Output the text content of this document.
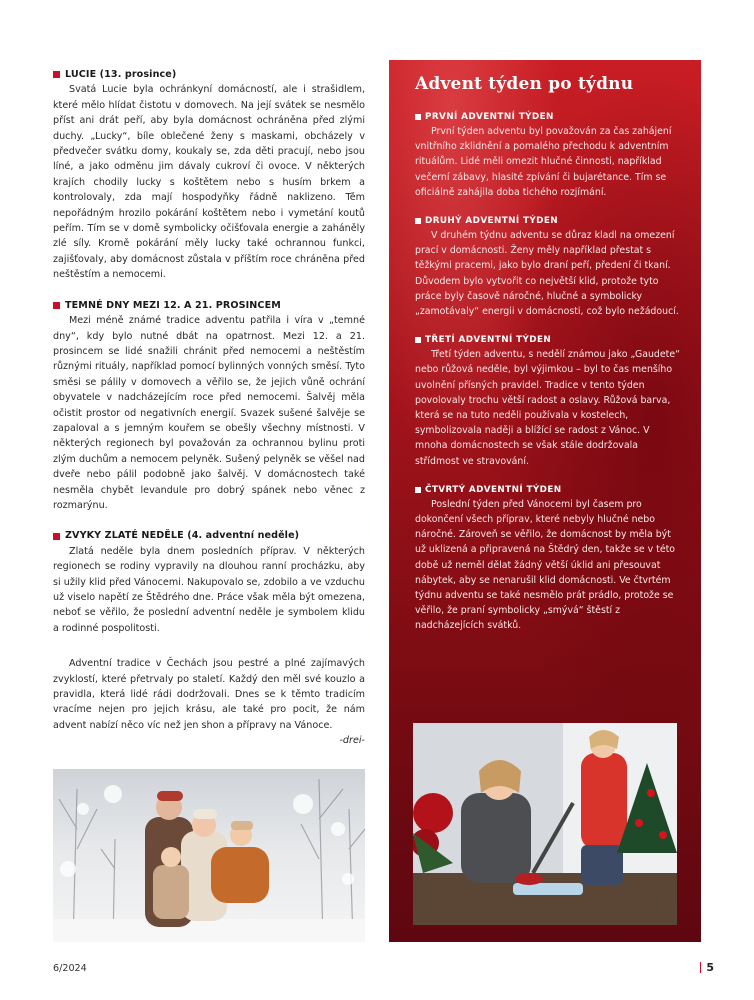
LUCIE (13. prosince)

Svatá Lucie byla ochránkyní domácností, ale i strašidlem, které mělo hlídat čistotu v domovech. Na její svátek se nesmělo příst ani drát peří, aby byla domácnost ochráněna před zlými duchy. „Lucky“, bíle oblečené ženy s maskami, obcházely v předvečer svátku domy, koukaly se, zda děti pracují, nebo jsou líné, a jako odměnu jim dávaly cukroví či ovoce. V některých krajích chodily lucky s koštětem nebo s husím brkem a kontrolovaly, zda mají hospodyňky řádně naklizeno. Těm nepořádným hrozilo pokárání koštětem nebo i vymetání koutů peřím. Tím se v domě symbolicky očišťovala energie a zaháněly zlé síly. Kromě pokárání měly lucky také ochrannou funkci, zajišťovaly, aby domácnost zůstala v příštím roce chráněna před neštěstím a nemocemi.

TEMNÉ DNY MEZI 12. A 21. PROSINCEM

Mezi méně známé tradice adventu patřila i víra v „temné dny“, kdy bylo nutné dbát na opatrnost. Mezi 12. a 21. prosincem se lidé snažili chránit před nemocemi a neštěstím různými rituály, například pomocí bylinných vonných směsí. Tyto směsi se pálily v domovech a věřilo se, že jejich vůně ochrání obyvatele v nadcházejícím roce před nemocemi. Šalvěj měla očistit prostor od negativních energií. Svazek sušené šalvěje se zapaloval a s jemným kouřem se obešly všechny místnosti. V některých regionech byl považován za ochrannou bylinu proti zlým duchům a nemocem pelyněk. Sušený pelyněk se věšel nad dveře nebo pálil podobně jako šalvěj. V domácnostech také nesměla chybět levandule pro dobrý spánek nebo věnec z rozmarýnu.

ZVYKY ZLATÉ NEDĚLE (4. adventní neděle)

Zlatá neděle byla dnem posledních příprav. V některých regionech se rodiny vypravily na dlouhou ranní procházku, aby si užily klid před Vánocemi. Nakupovalo se, zdobilo a ve vzduchu už viselo napětí ze Štědrého dne. Práce však měla být omezena, neboť se věřilo, že poslední adventní neděle je symbolem klidu a rodinné pospolitosti.

Adventní tradice v Čechách jsou pestré a plné zajímavých zvyklostí, které přetrvaly po staletí. Každý den měl své kouzlo a pravidla, která lidé rádi dodržovali. Dnes se k těmto tradicím vracíme nejen pro jejich krásu, ale také pro pocit, že nám advent nabízí něco víc než jen shon a přípravy na Vánoce.
-drei-

Advent týden po týdnu
PRVNÍ ADVENTNÍ TÝDEN

První týden adventu byl považován za čas zahájení vnitřního zklidnění a pomalého přechodu k adventním rituálům. Lidé měli omezit hlučné činnosti, například večerní zábavy, hlasité zpívání či bujarétance. Tím se oficiálně zahájila doba tichého rozjímání.

DRUHÝ ADVENTNÍ TÝDEN

V druhém týdnu adventu se důraz kladl na omezení prací v domácnosti. Ženy měly například přestat s těžkými pracemi, jako bylo draní peří, předení či tkaní. Důvodem bylo vytvořit co největší klid, protože tyto práce byly časově náročné, hlučné a symbolicky „zamotávaly“ energii v domácnosti, což bylo nežádoucí.

TŘETÍ ADVENTNÍ TÝDEN

Třetí týden adventu, s nedělí známou jako „Gaudete“ nebo růžová neděle, byl výjimkou – byl to čas menšího uvolnění přísných pravidel. Tradice v tento týden povolovaly trochu větší radost a oslavy. Růžová barva, která se na tuto neděli používala v kostelech, symbolizovala naději a blížící se radost z Vánoc. V mnoha domácnostech se však stále dodržovala střídmost ve stravování.

ČTVRTÝ ADVENTNÍ TÝDEN

Poslední týden před Vánocemi byl časem pro dokončení všech příprav, které nebyly hlučné nebo náročné. Zároveň se věřilo, že domácnost by měla být už uklizená a připravená na Štědrý den, takže se v této době už neměl dělat žádný větší úklid ani přesouvat nábytek, aby se nenarušil klid domácnosti. Ve čtvrtém týdnu adventu se také nesmělo prát prádlo, protože se věřilo, že praní symbolicky „smývá“ štěstí z nadcházejících svátků.

6/2024	5
